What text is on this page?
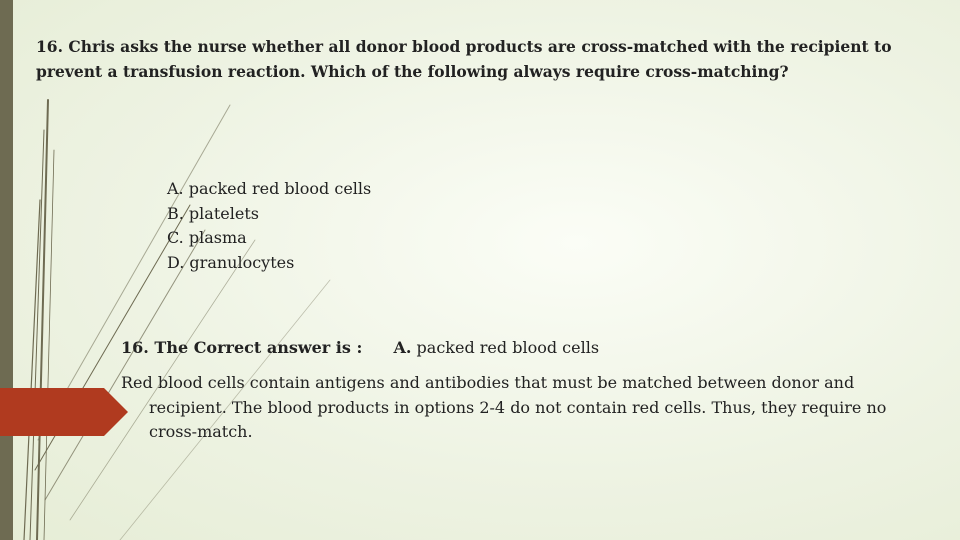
16. Chris asks the nurse whether all donor blood products are cross-matched with the recipient to prevent a transfusion reaction. Which of the following always require cross-matching?
A. packed red blood cells
B. platelets
C. plasma
D. granulocytes
16. The Correct answer is : A. packed red blood cells
Red blood cells contain antigens and antibodies that must be matched between donor and recipient. The blood products in options 2-4 do not contain red cells. Thus, they require no cross-match.
